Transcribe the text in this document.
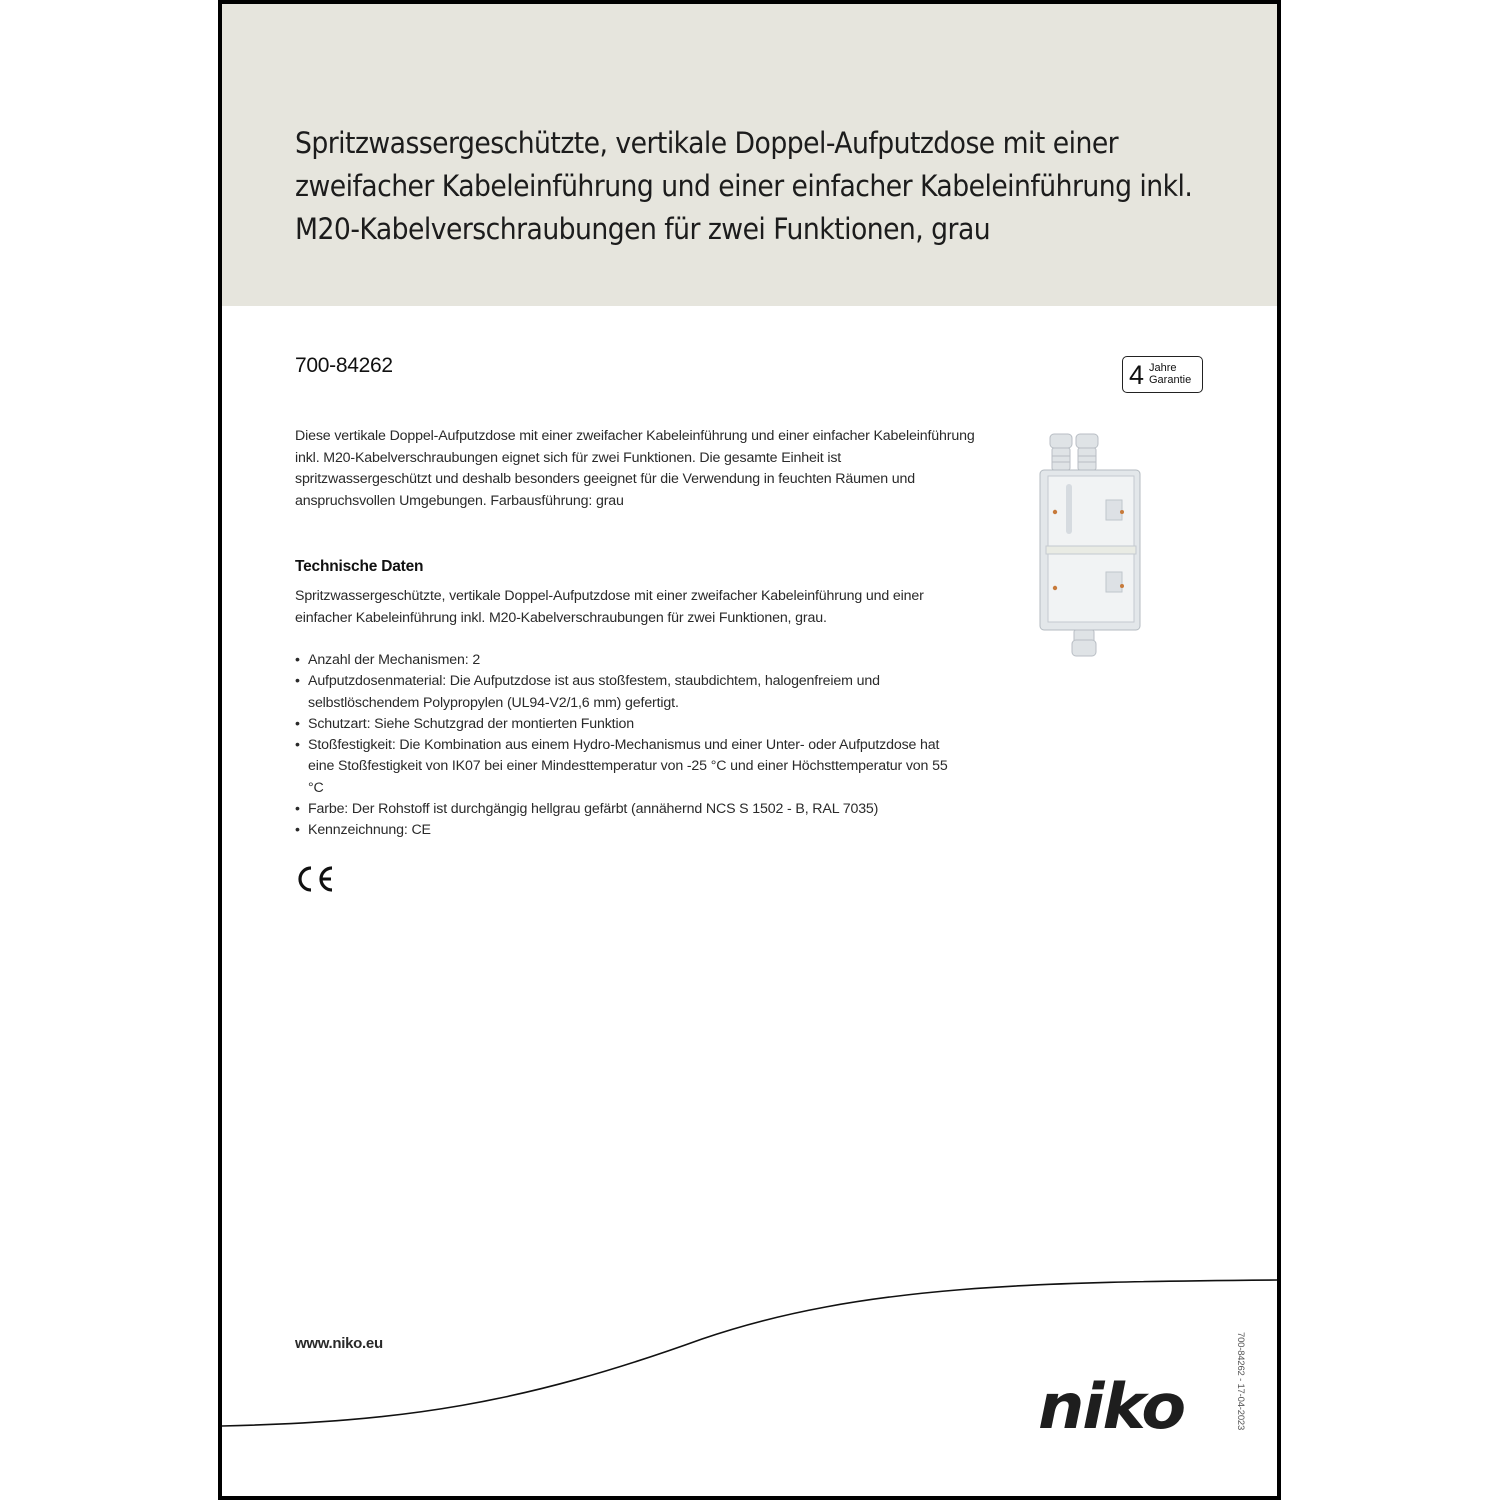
Spritzwassergeschützte, vertikale Doppel-Aufputzdose mit einer zweifacher Kabeleinführung und einer einfacher Kabeleinführung inkl. M20-Kabelverschraubungen für zwei Funktionen, grau
700-84262	4 Jahre
Garantie

Diese vertikale Doppel-Aufputzdose mit einer zweifacher Kabeleinführung und einer einfacher Kabeleinführung inkl. M20-Kabelverschraubungen eignet sich für zwei Funktionen. Die gesamte Einheit ist spritzwassergeschützt und deshalb besonders geeignet für die Verwendung in feuchten Räumen und anspruchsvollen Umgebungen. Farbausführung: grau

Technische Daten

Spritzwassergeschützte, vertikale Doppel-Aufputzdose mit einer zweifacher Kabeleinführung und einer einfacher Kabeleinführung inkl. M20-Kabelverschraubungen für zwei Funktionen, grau.

• Anzahl der Mechanismen: 2
• Aufputzdosenmaterial: Die Aufputzdose ist aus stoßfestem, staubdichtem, halogenfreiem und selbstlöschendem Polypropylen (UL94-V2/1,6 mm) gefertigt.
• Schutzart: Siehe Schutzgrad der montierten Funktion
• Stoßfestigkeit: Die Kombination aus einem Hydro-Mechanismus und einer Unter- oder Aufputzdose hat eine Stoßfestigkeit von IK07 bei einer Mindesttemperatur von -25 °C und einer Höchsttemperatur von 55 °C
• Farbe: Der Rohstoff ist durchgängig hellgrau gefärbt (annähernd NCS S 1502 - B, RAL 7035)
• Kennzeichnung: CE

www.niko.eu

niko	700-84262 - 17-04-2023
